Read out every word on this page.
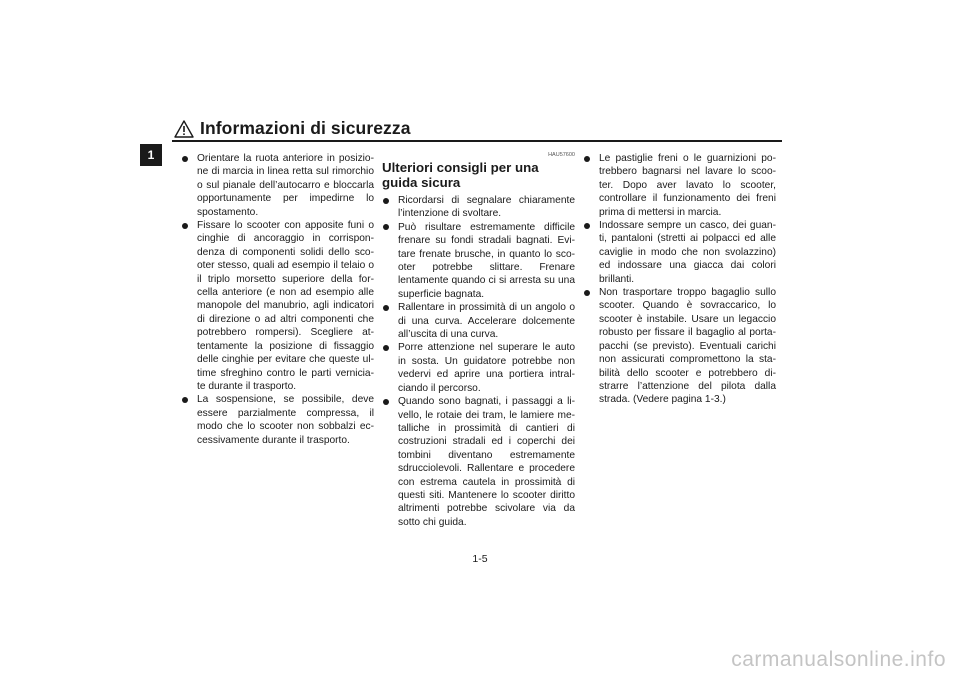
Informazioni di sicurezza
1	Orientare la ruota anteriore in posizio-ne di marcia in linea retta sul rimorchio o sul pianale dell’autocarro e bloccarla opportunamente per impedirne lo spostamento.
Fissare lo scooter con apposite funi o cinghie di ancoraggio in corrispon-denza di componenti solidi dello sco-oter stesso, quali ad esempio il telaio o il triplo morsetto superiore della for-cella anteriore (e non ad esempio alle manopole del manubrio, agli indicatori di direzione o ad altri componenti che potrebbero rompersi). Scegliere at-tentamente la posizione di fissaggio delle cinghie per evitare che queste ul-time sfreghino contro le parti vernicia-te durante il trasporto.
La sospensione, se possibile, deve essere parzialmente compressa, il modo che lo scooter non sobbalzi ec-cessivamente durante il trasporto.
HAU57600
Ulteriori consigli per una guida sicura
Ricordarsi di segnalare chiaramente l’intenzione di svoltare.
Può risultare estremamente difficile frenare su fondi stradali bagnati. Evi-tare frenate brusche, in quanto lo sco-oter potrebbe slittare. Frenare lentamente quando ci si arresta su una superficie bagnata.
Rallentare in prossimità di un angolo o di una curva. Accelerare dolcemente all’uscita di una curva.
Porre attenzione nel superare le auto in sosta. Un guidatore potrebbe non vedervi ed aprire una portiera intral-ciando il percorso.
Quando sono bagnati, i passaggi a li-vello, le rotaie dei tram, le lamiere me-talliche in prossimità di cantieri di costruzioni stradali ed i coperchi dei tombini diventano estremamente sdrucciolevoli. Rallentare e procedere con estrema cautela in prossimità di questi siti. Mantenere lo scooter diritto altrimenti potrebbe scivolare via da sotto chi guida.
Le pastiglie freni o le guarnizioni po-trebbero bagnarsi nel lavare lo scoo-ter. Dopo aver lavato lo scooter, controllare il funzionamento dei freni prima di mettersi in marcia.
Indossare sempre un casco, dei guan-ti, pantaloni (stretti ai polpacci ed alle caviglie in modo che non svolazzino) ed indossare una giacca dai colori brillanti.
Non trasportare troppo bagaglio sullo scooter. Quando è sovraccarico, lo scooter è instabile. Usare un legaccio robusto per fissare il bagaglio al porta-pacchi (se previsto). Eventuali carichi non assicurati compromettono la sta-bilità dello scooter e potrebbero di-strarre l’attenzione del pilota dalla strada. (Vedere pagina 1-3.)
1-5
carmanualsonline.info
